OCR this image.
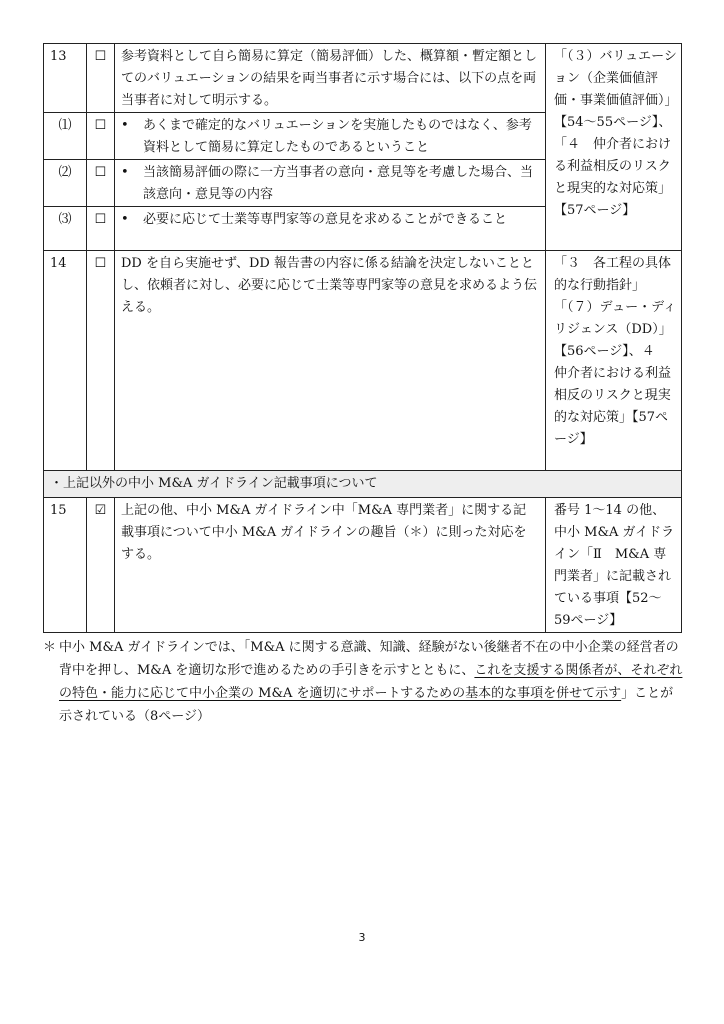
13	☐	参考資料として自ら簡易に算定（簡易評価）した、概算額・暫定額としてのバリュエーションの結果を両当事者に示す場合には、以下の点を両当事者に対して明示する。	「（３）バリュエーション（企業価値評価・事業価値評価）」【54〜55ページ】、「４　仲介者における利益相反のリスクと現実的な対応策」【57ページ】
⑴	☐	• あくまで確定的なバリュエーションを実施したものではなく、参考資料として簡易に算定したものであるということ	

⑵	☐	• 当該簡易評価の際に一方当事者の意向・意見等を考慮した場合、当該意向・意見等の内容	

⑶	☐	• 必要に応じて士業等専門家等の意見を求めることができること	

14	☐	DD を自ら実施せず、DD 報告書の内容に係る結論を決定しないこととし、依頼者に対し、必要に応じて士業等専門家等の意見を求めるよう伝える。	「３　各工程の具体的な行動指針」「（７）デュー・ディリジェンス（DD）」【56ページ】、４　仲介者における利益相反のリスクと現実的な対応策」【57ページ】
・上記以外の中小 M&A ガイドライン記載事項について			
15	☑	上記の他、中小 M&A ガイドライン中「M&A 専門業者」に関する記載事項について中小 M&A ガイドラインの趣旨（＊）に則った対応をする。	番号 1〜14 の他、中小 M&A ガイドライン「Ⅱ　M&A 専門業者」に記載されている事項【52〜59ページ】
＊ 中小 M&A ガイドラインでは、「M&A に関する意識、知識、経験がない後継者不在の中小企業の経営者の背中を押し、M&A を適切な形で進めるための手引きを示すとともに、これを支援する関係者が、それぞれの特色・能力に応じて中小企業の M&A を適切にサポートするための基本的な事項を併せて示す」ことが示されている（8ページ）
3
